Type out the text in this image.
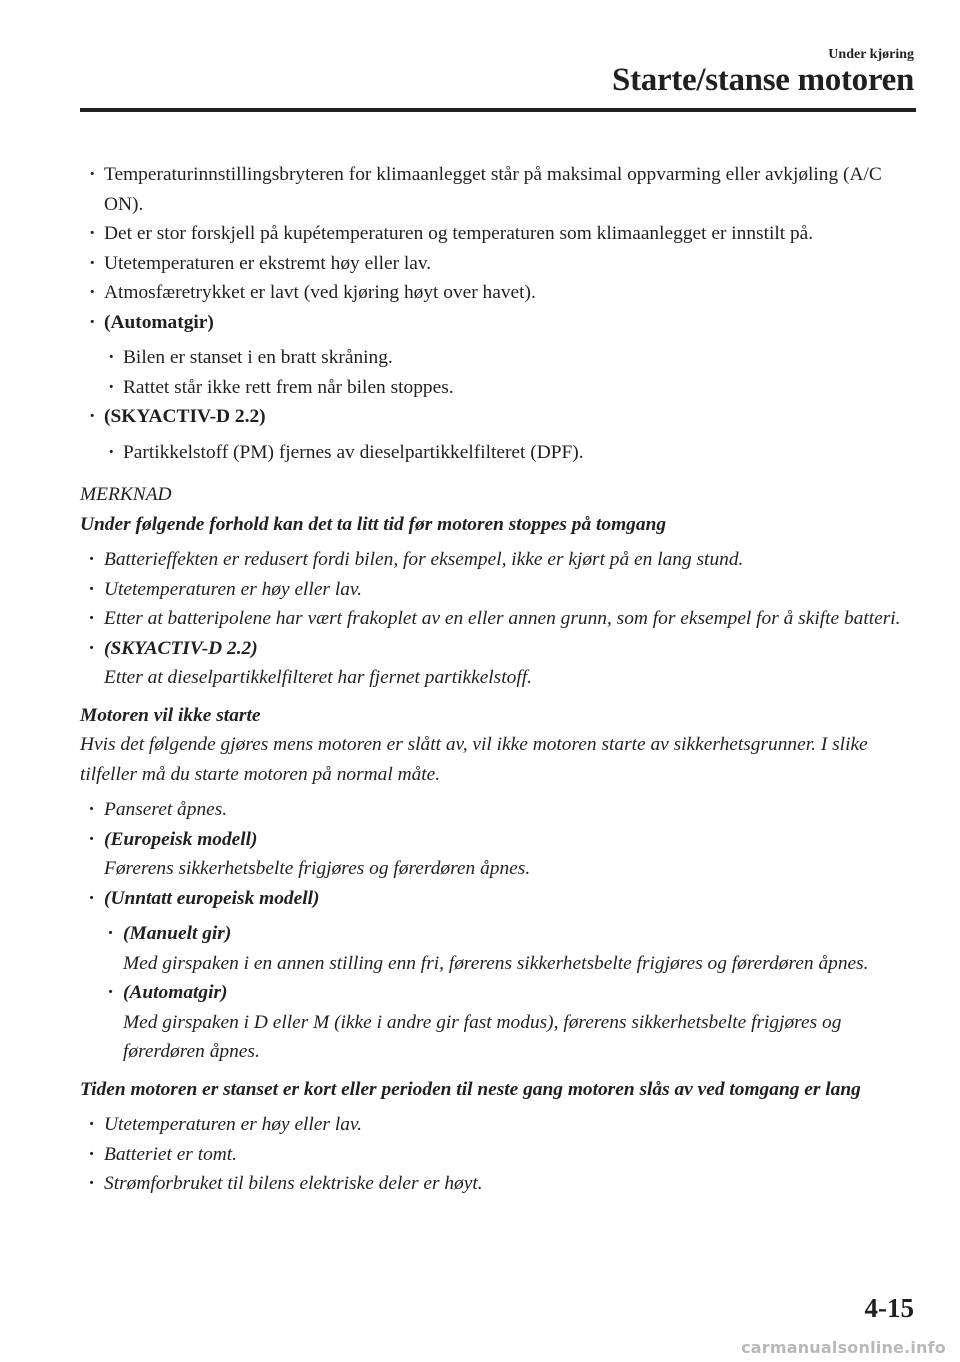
Under kjøring
Starte/stanse motoren
· Temperaturinnstillingsbryteren for klimaanlegget står på maksimal oppvarming eller avkjøling (A/C ON).
· Det er stor forskjell på kupétemperaturen og temperaturen som klimaanlegget er innstilt på.
· Utetemperaturen er ekstremt høy eller lav.
· Atmosfæretrykket er lavt (ved kjøring høyt over havet).
· (Automatgir)
· Bilen er stanset i en bratt skråning.
· Rattet står ikke rett frem når bilen stoppes.
· (SKYACTIV-D 2.2)
· Partikkelstoff (PM) fjernes av dieselpartikkelfilteret (DPF).
MERKNAD
Under følgende forhold kan det ta litt tid før motoren stoppes på tomgang
· Batterieffekten er redusert fordi bilen, for eksempel, ikke er kjørt på en lang stund.
· Utetemperaturen er høy eller lav.
· Etter at batteripolene har vært frakoplet av en eller annen grunn, som for eksempel for å skifte batteri.
· (SKYACTIV-D 2.2)
Etter at dieselpartikkelfilteret har fjernet partikkelstoff.
Motoren vil ikke starte
Hvis det følgende gjøres mens motoren er slått av, vil ikke motoren starte av sikkerhetsgrunner. I slike tilfeller må du starte motoren på normal måte.
· Panseret åpnes.
· (Europeisk modell)
Førerens sikkerhetsbelte frigjøres og førerdøren åpnes.
· (Unntatt europeisk modell)
· (Manuelt gir)
Med girspaken i en annen stilling enn fri, førerens sikkerhetsbelte frigjøres og førerdøren åpnes.
· (Automatgir)
Med girspaken i D eller M (ikke i andre gir fast modus), førerens sikkerhetsbelte frigjøres og førerdøren åpnes.
Tiden motoren er stanset er kort eller perioden til neste gang motoren slås av ved tomgang er lang
· Utetemperaturen er høy eller lav.
· Batteriet er tomt.
· Strømforbruket til bilens elektriske deler er høyt.
4-15
carmanualsonline.info
